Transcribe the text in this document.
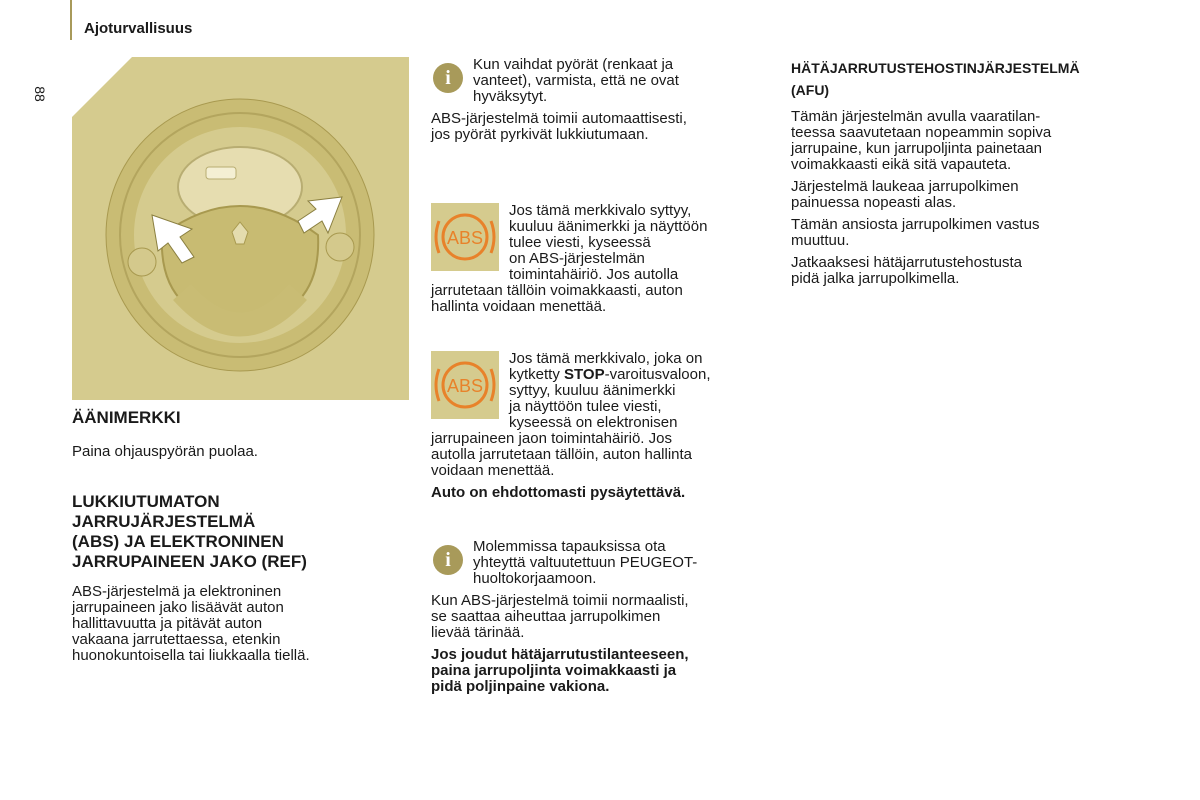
Ajoturvallisuus
88

ÄÄNIMERKKI

Paina ohjauspyörän puolaa.

LUKKIUTUMATON
JARRUJÄRJESTELMÄ
(ABS) JA ELEKTRONINEN
JARRUPAINEEN JAKO (REF)

ABS-järjestelmä ja elektroninen
jarrupaineen jako lisäävät auton
hallittavuutta ja pitävät auton
vakaana jarrutettaessa, etenkin
huonokuntoisella tai liukkaalla tiellä.

i

Kun vaihdat pyörät (renkaat ja
vanteet), varmista, että ne ovat
hyväksytyt.

ABS-järjestelmä toimii automaattisesti,
jos pyörät pyrkivät lukkiutumaan.

ABS
Jos tämä merkkivalo syttyy,
kuuluu äänimerkki ja näyttöön
tulee viesti, kyseessä
on ABS-järjestelmän
toimintahäiriö. Jos autolla
jarrutetaan tällöin voimakkaasti, auton
hallinta voidaan menettää.
ABS
Jos tämä merkkivalo, joka on
kytketty STOP-varoitusvaloon,
syttyy, kuuluu äänimerkki
ja näyttöön tulee viesti,
kyseessä on elektronisen
jarrupaineen jaon toimintahäiriö. Jos
autolla jarrutetaan tällöin, auton hallinta
voidaan menettää.

Auto on ehdottomasti pysäytettävä.

i

Molemmissa tapauksissa ota
yhteyttä valtuutettuun PEUGEOT-
huoltokorjaamoon.

Kun ABS-järjestelmä toimii normaalisti,
se saattaa aiheuttaa jarrupolkimen
lievää tärinää.

Jos joudut hätäjarrutustilanteeseen,
paina jarrupoljinta voimakkaasti ja
pidä poljinpaine vakiona.

HÄTÄJARRUTUSTEHOSTINJÄRJESTELMÄ
(AFU)

Tämän järjestelmän avulla vaaratilan-
teessa saavutetaan nopeammin sopiva
jarrupaine, kun jarrupoljinta painetaan
voimakkaasti eikä sitä vapauteta.

Järjestelmä laukeaa jarrupolkimen
painuessa nopeasti alas.

Tämän ansiosta jarrupolkimen vastus
muuttuu.

Jatkaaksesi hätäjarrutustehostusta
pidä jalka jarrupolkimella.
